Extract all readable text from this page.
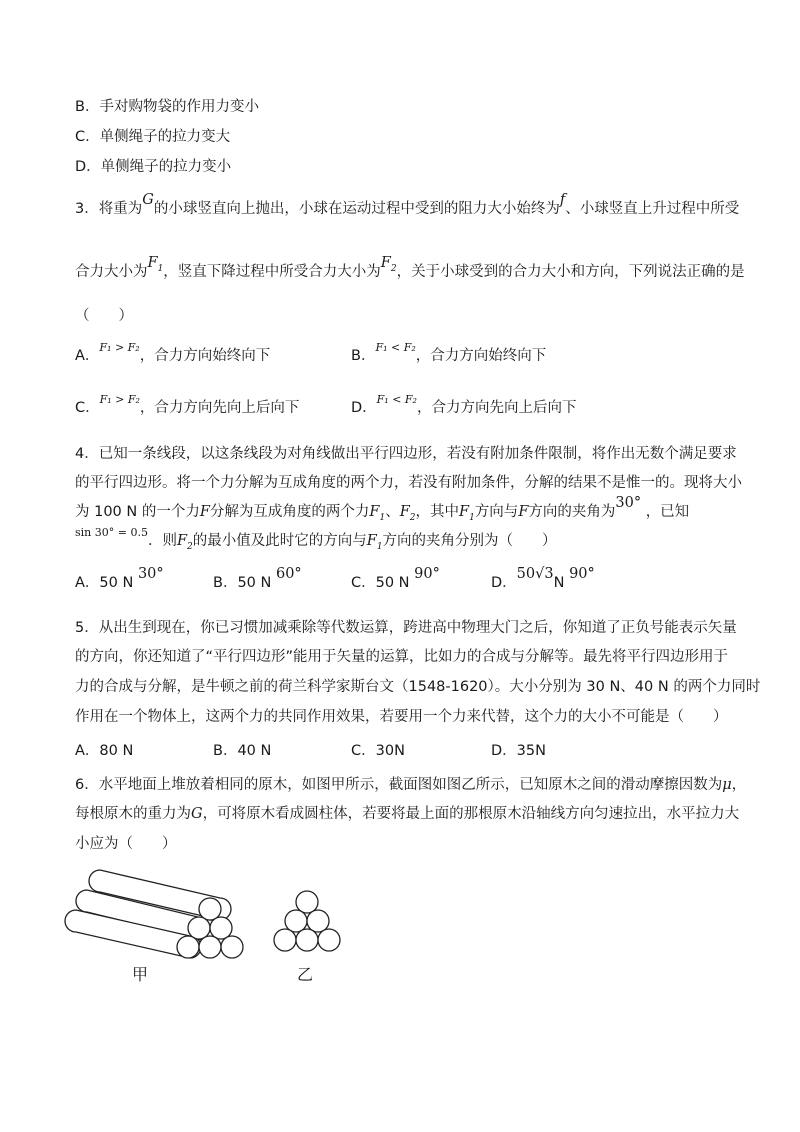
B．手对购物袋的作用力变小
C．单侧绳子的拉力变大
D．单侧绳子的拉力变小
3．将重为G的小球竖直向上抛出，小球在运动过程中受到的阻力大小始终为f、小球竖直上升过程中所受
合力大小为$F_1$，竖直下降过程中所受合力大小为$F_2$，关于小球受到的合力大小和方向，下列说法正确的是
（　　）
A．$^{F_1 > F_2}$，合力方向始终向下	B．$^{F_1 < F_2}$，合力方向始终向下
C．$^{F_1 > F_2}$，合力方向先向上后向下	D．$^{F_1 < F_2}$，合力方向先向上后向下
4．已知一条线段，以这条线段为对角线做出平行四边形，若没有附加条件限制，将作出无数个满足要求
的平行四边形。将一个力分解为互成角度的两个力，若没有附加条件，分解的结果不是惟一的。现将大小
为 100 N 的一个力F分解为互成角度的两个力$F_1$、$F_2$，其中$F_1$方向与F方向的夹角为30° ，已知
$^{sin 30^\circ = 0.5}$．则$F_2$的最小值及此时它的方向与$F_1$方向的夹角分别为（　　）
A．50 N 30°
B．50 N 60°
C．50 N 90°
D．50√3N 90°
5．从出生到现在，你已习惯加减乘除等代数运算，跨进高中物理大门之后，你知道了正负号能表示矢量
的方向，你还知道了“平行四边形”能用于矢量的运算，比如力的合成与分解等。最先将平行四边形用于
力的合成与分解，是牛顿之前的荷兰科学家斯台文（1548-1620）。大小分别为 30 N、40 N 的两个力同时
作用在一个物体上，这两个力的共同作用效果，若要用一个力来代替，这个力的大小不可能是（　　）
A．80 N	B．40 N	C．30N	D．35N
6．水平地面上堆放着相同的原木，如图甲所示，截面图如图乙所示，已知原木之间的滑动摩擦因数为μ，
每根原木的重力为G，可将原木看成圆柱体，若要将最上面的那根原木沿轴线方向匀速拉出，水平拉力大
小应为（　　）
甲	乙
